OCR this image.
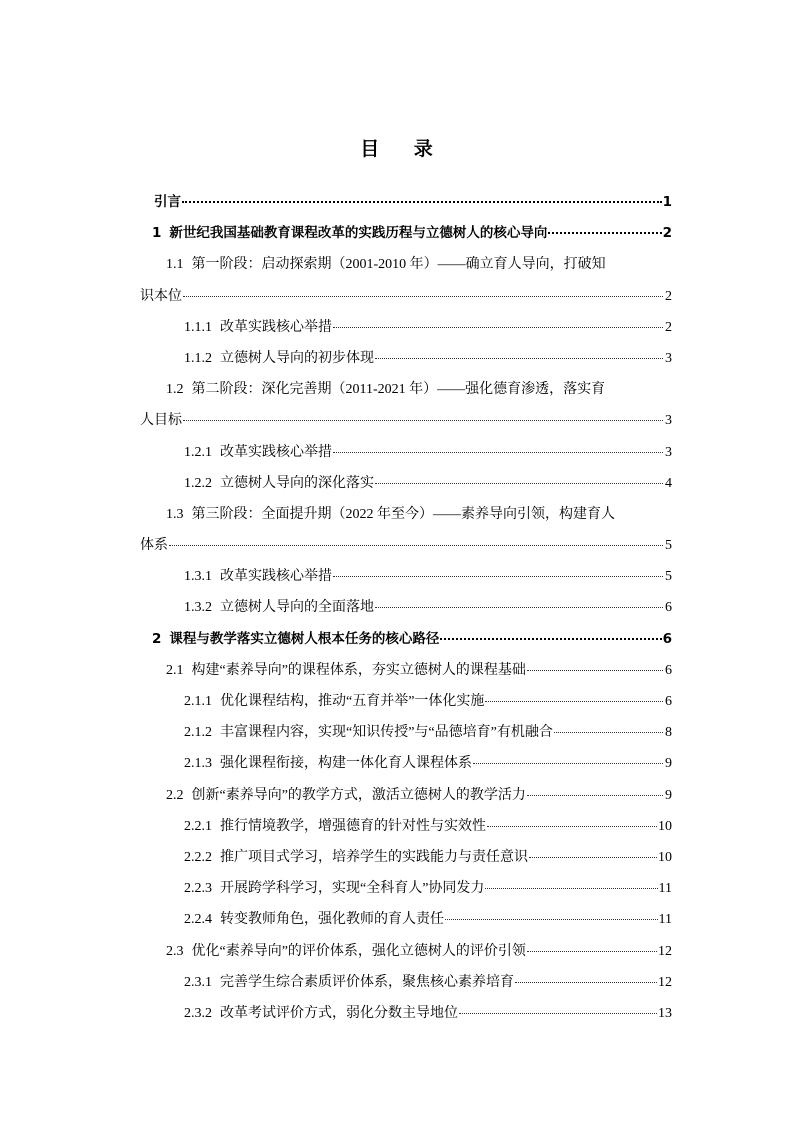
目 录
引言	1
1 新世纪我国基础教育课程改革的实践历程与立德树人的核心导向	2
1.1 第一阶段：启动探索期（2001-2010 年）——确立育人导向，打破知
识本位	2
1.1.1 改革实践核心举措	2
1.1.2 立德树人导向的初步体现	3
1.2 第二阶段：深化完善期（2011-2021 年）——强化德育渗透，落实育
人目标	3
1.2.1 改革实践核心举措	3
1.2.2 立德树人导向的深化落实	4
1.3 第三阶段：全面提升期（2022 年至今）——素养导向引领，构建育人
体系	5
1.3.1 改革实践核心举措	5
1.3.2 立德树人导向的全面落地	6
2 课程与教学落实立德树人根本任务的核心路径	6
2.1 构建“素养导向”的课程体系，夯实立德树人的课程基础	6
2.1.1 优化课程结构，推动“五育并举”一体化实施	6
2.1.2 丰富课程内容，实现“知识传授”与“品德培育”有机融合	8
2.1.3 强化课程衔接，构建一体化育人课程体系	9
2.2 创新“素养导向”的教学方式，激活立德树人的教学活力	9
2.2.1 推行情境教学，增强德育的针对性与实效性	10
2.2.2 推广项目式学习，培养学生的实践能力与责任意识	10
2.2.3 开展跨学科学习，实现“全科育人”协同发力	11
2.2.4 转变教师角色，强化教师的育人责任	11
2.3 优化“素养导向”的评价体系，强化立德树人的评价引领	12
2.3.1 完善学生综合素质评价体系，聚焦核心素养培育	12
2.3.2 改革考试评价方式，弱化分数主导地位	13
